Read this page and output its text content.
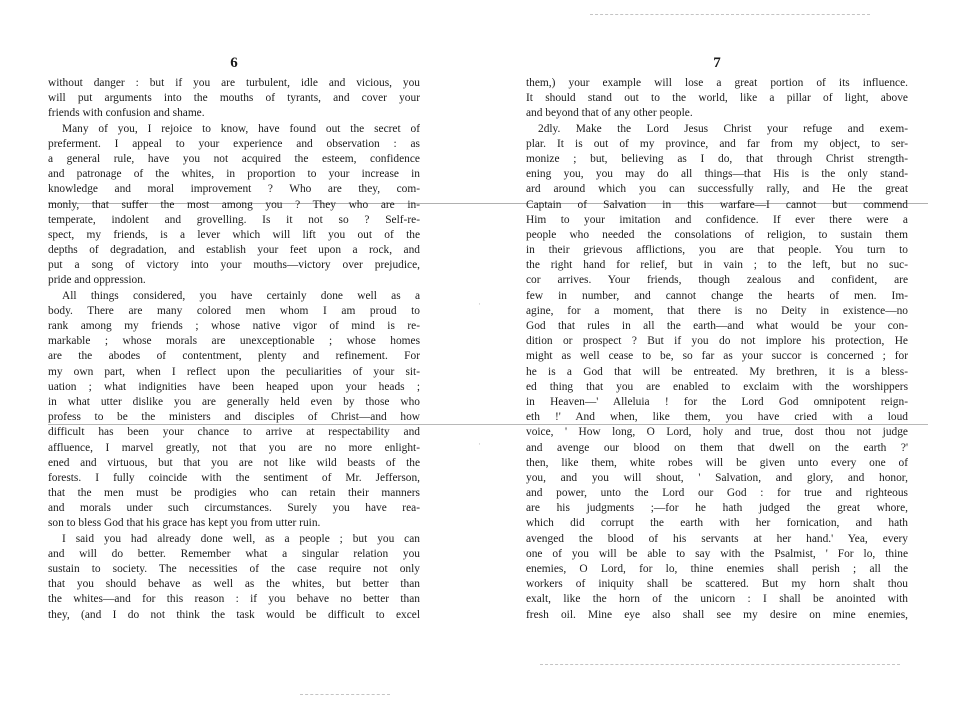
·
·
6
without danger : but if you are turbulent, idle and vicious, you
will put arguments into the mouths of tyrants, and cover your
friends with confusion and shame.
Many of you, I rejoice to know, have found out the secret of
preferment. I appeal to your experience and observation : as
a general rule, have you not acquired the esteem, confidence
and patronage of the whites, in proportion to your increase in
knowledge and moral improvement ? Who are they, com-
monly, that suffer the most among you ? They who are in-
temperate, indolent and grovelling. Is it not so ? Self-re-
spect, my friends, is a lever which will lift you out of the
depths of degradation, and establish your feet upon a rock, and
put a song of victory into your mouths—victory over prejudice,
pride and oppression.
All things considered, you have certainly done well as a
body. There are many colored men whom I am proud to
rank among my friends ; whose native vigor of mind is re-
markable ; whose morals are unexceptionable ; whose homes
are the abodes of contentment, plenty and refinement. For
my own part, when I reflect upon the peculiarities of your sit-
uation ; what indignities have been heaped upon your heads ;
in what utter dislike you are generally held even by those who
profess to be the ministers and disciples of Christ—and how
difficult has been your chance to arrive at respectability and
affluence, I marvel greatly, not that you are no more enlight-
ened and virtuous, but that you are not like wild beasts of the
forests. I fully coincide with the sentiment of Mr. Jefferson,
that the men must be prodigies who can retain their manners
and morals under such circumstances. Surely you have rea-
son to bless God that his grace has kept you from utter ruin.
I said you had already done well, as a people ; but you can
and will do better. Remember what a singular relation you
sustain to society. The necessities of the case require not only
that you should behave as well as the whites, but better than
the whites—and for this reason : if you behave no better than
they, (and I do not think the task would be difficult to excel
7
them,) your example will lose a great portion of its influence.
It should stand out to the world, like a pillar of light, above
and beyond that of any other people.
2dly. Make the Lord Jesus Christ your refuge and exem-
plar. It is out of my province, and far from my object, to ser-
monize ; but, believing as I do, that through Christ strength-
ening you, you may do all things—that His is the only stand-
ard around which you can successfully rally, and He the great
Captain of Salvation in this warfare—I cannot but commend
Him to your imitation and confidence. If ever there were a
people who needed the consolations of religion, to sustain them
in their grievous afflictions, you are that people. You turn to
the right hand for relief, but in vain ; to the left, but no suc-
cor arrives. Your friends, though zealous and confident, are
few in number, and cannot change the hearts of men. Im-
agine, for a moment, that there is no Deity in existence—no
God that rules in all the earth—and what would be your con-
dition or prospect ? But if you do not implore his protection, He
might as well cease to be, so far as your succor is concerned ; for
he is a God that will be entreated. My brethren, it is a bless-
ed thing that you are enabled to exclaim with the worshippers
in Heaven—' Alleluia ! for the Lord God omnipotent reign-
eth !' And when, like them, you have cried with a loud
voice, ' How long, O Lord, holy and true, dost thou not judge
and avenge our blood on them that dwell on the earth ?'
then, like them, white robes will be given unto every one of
you, and you will shout, ' Salvation, and glory, and honor,
and power, unto the Lord our God : for true and righteous
are his judgments ;—for he hath judged the great whore,
which did corrupt the earth with her fornication, and hath
avenged the blood of his servants at her hand.' Yea, every
one of you will be able to say with the Psalmist, ' For lo, thine
enemies, O Lord, for lo, thine enemies shall perish ; all the
workers of iniquity shall be scattered. But my horn shalt thou
exalt, like the horn of the unicorn : I shall be anointed with
fresh oil. Mine eye also shall see my desire on mine enemies,
